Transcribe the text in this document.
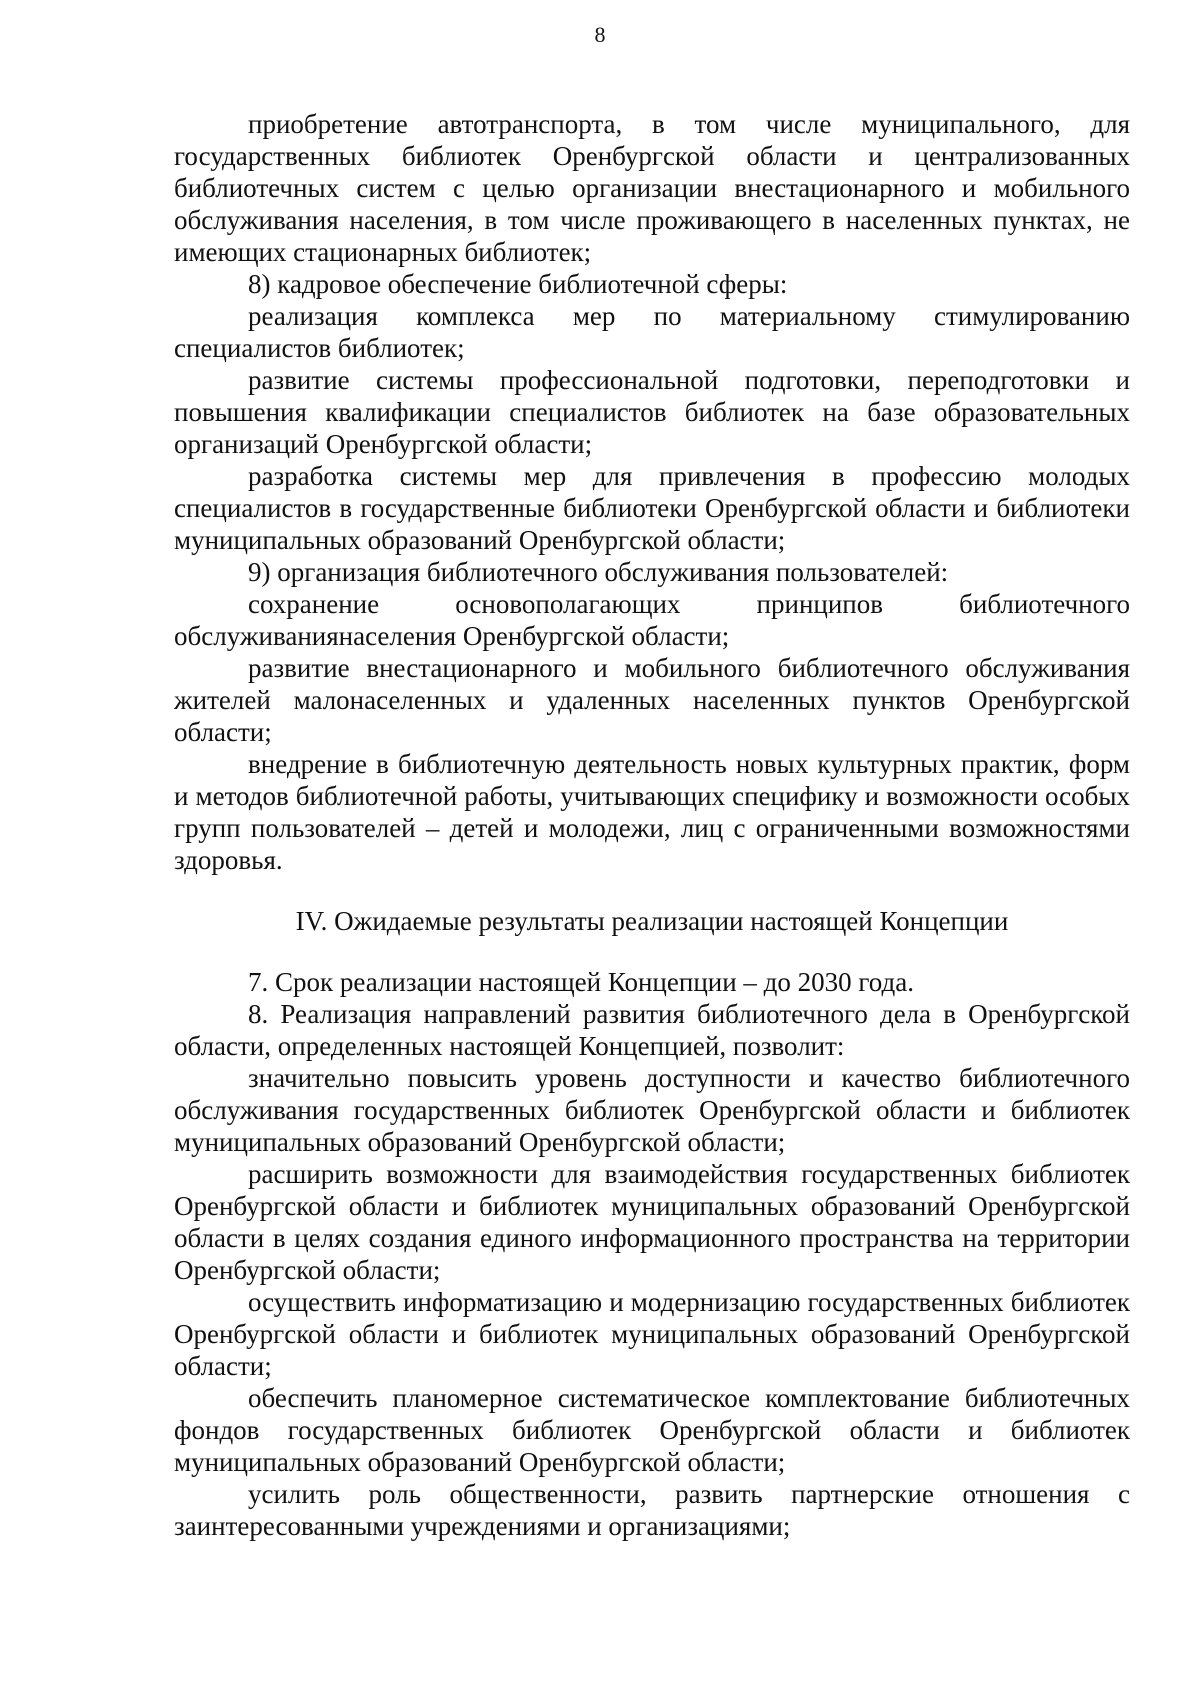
8

приобретение автотранспорта, в том числе муниципального, для государственных библиотек Оренбургской области и централизованных библиотечных систем с целью организации внестационарного и мобильного обслуживания населения, в том числе проживающего в населенных пунктах, не имеющих стационарных библиотек;

8) кадровое обеспечение библиотечной сферы:

реализация комплекса мер по материальному стимулированию специалистов библиотек;

развитие системы профессиональной подготовки, переподготовки и повышения квалификации специалистов библиотек на базе образовательных организаций Оренбургской области;

разработка системы мер для привлечения в профессию молодых специалистов в государственные библиотеки Оренбургской области и библиотеки муниципальных образований Оренбургской области;

9) организация библиотечного обслуживания пользователей:

сохранение основополагающих принципов библиотечного обслуживаниянаселения Оренбургской области;

развитие внестационарного и мобильного библиотечного обслуживания жителей малонаселенных и удаленных населенных пунктов Оренбургской области;

внедрение в библиотечную деятельность новых культурных практик, форм и методов библиотечной работы, учитывающих специфику и возможности особых групп пользователей – детей и молодежи, лиц с ограниченными возможностями здоровья.

IV. Ожидаемые результаты реализации настоящей Концепции

7. Срок реализации настоящей Концепции – до 2030 года.

8. Реализация направлений развития библиотечного дела в Оренбургской области, определенных настоящей Концепцией, позволит:

значительно повысить уровень доступности и качество библиотечного обслуживания государственных библиотек Оренбургской области и библиотек муниципальных образований Оренбургской области;

расширить возможности для взаимодействия государственных библиотек Оренбургской области и библиотек муниципальных образований Оренбургской области в целях создания единого информационного пространства на территории Оренбургской области;

осуществить информатизацию и модернизацию государственных библиотек Оренбургской области и библиотек муниципальных образований Оренбургской области;

обеспечить планомерное систематическое комплектование библиотечных фондов государственных библиотек Оренбургской области и библиотек муниципальных образований Оренбургской области;

усилить роль общественности, развить партнерские отношения с заинтересованными учреждениями и организациями;
